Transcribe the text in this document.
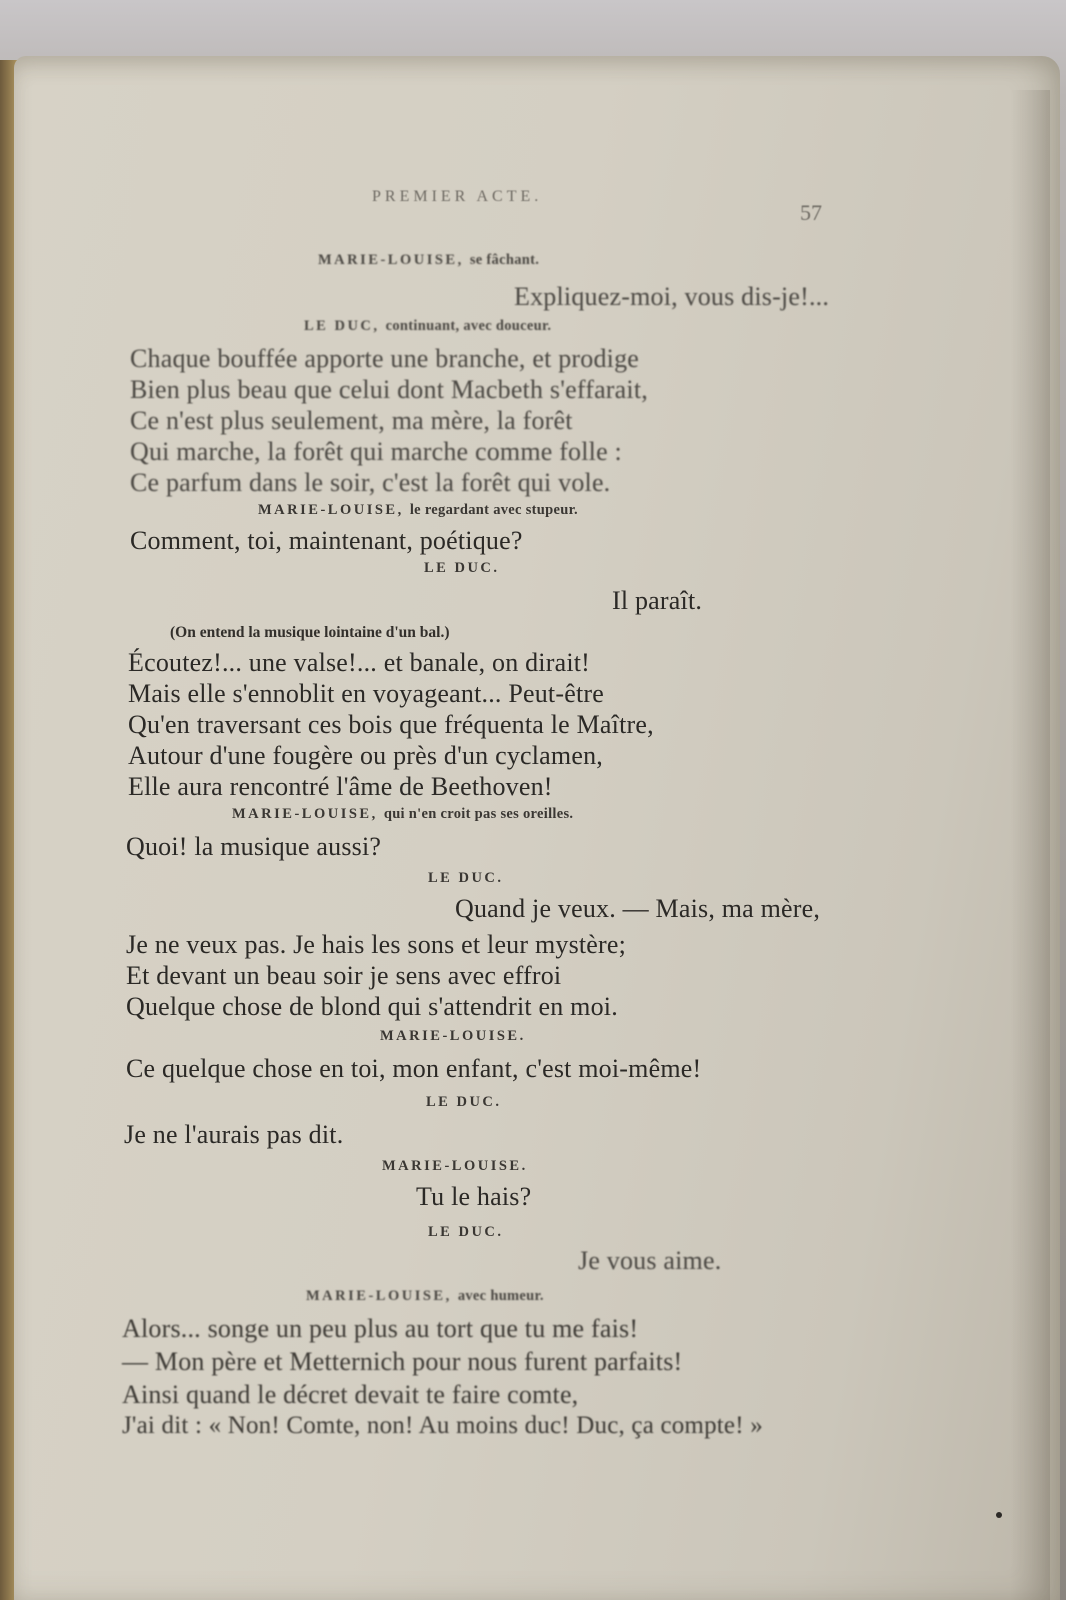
PREMIER ACTE.
57
MARIE-LOUISE, se fâchant.
Expliquez-moi, vous dis-je!...
LE DUC, continuant, avec douceur.
Chaque bouffée apporte une branche, et prodige
Bien plus beau que celui dont Macbeth s'effarait,
Ce n'est plus seulement, ma mère, la forêt
Qui marche, la forêt qui marche comme folle :
Ce parfum dans le soir, c'est la forêt qui vole.
MARIE-LOUISE, le regardant avec stupeur.
Comment, toi, maintenant, poétique?
LE DUC.
Il paraît.
(On entend la musique lointaine d'un bal.)
Écoutez!... une valse!... et banale, on dirait!
Mais elle s'ennoblit en voyageant... Peut-être
Qu'en traversant ces bois que fréquenta le Maître,
Autour d'une fougère ou près d'un cyclamen,
Elle aura rencontré l'âme de Beethoven!
MARIE-LOUISE, qui n'en croit pas ses oreilles.
Quoi! la musique aussi?
LE DUC.
Quand je veux. — Mais, ma mère,
Je ne veux pas. Je hais les sons et leur mystère;
Et devant un beau soir je sens avec effroi
Quelque chose de blond qui s'attendrit en moi.
MARIE-LOUISE.
Ce quelque chose en toi, mon enfant, c'est moi-même!
LE DUC.
Je ne l'aurais pas dit.
MARIE-LOUISE.
Tu le hais?
LE DUC.
Je vous aime.
MARIE-LOUISE, avec humeur.
Alors... songe un peu plus au tort que tu me fais!
— Mon père et Metternich pour nous furent parfaits!
Ainsi quand le décret devait te faire comte,
J'ai dit : « Non! Comte, non! Au moins duc! Duc, ça compte! »
